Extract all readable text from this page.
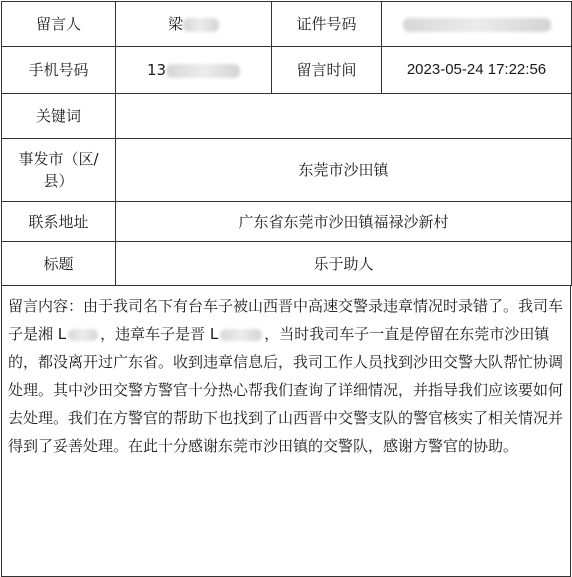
留言人	梁	证件号码	
手机号码	13	留言时间	2023-05-24 17:22:56
关键词			

事发市（区/
县）	东莞市沙田镇		
联系地址	广东省东莞市沙田镇福禄沙新村		
标题	乐于助人		
留言内容：由于我司名下有台车子被山西晋中高速交警录违章情况时录错了。我司车子是湘 L ，违章车子是晋 L	，当时我司车子一直是停留在东莞市沙田镇的，都没离开过广东省。收到违章信息后，我司工作人员找到沙田交警大队帮忙协调处理。其中沙田交警方警官十分热心帮我们查询了详细情况，并指导我们应该要如何去处理。我们在方警官的帮助下也找到了山西晋中交警支队的警官核实了相关情况并得到了妥善处理。在此十分感谢东莞市沙田镇的交警队，感谢方警官的协助。
